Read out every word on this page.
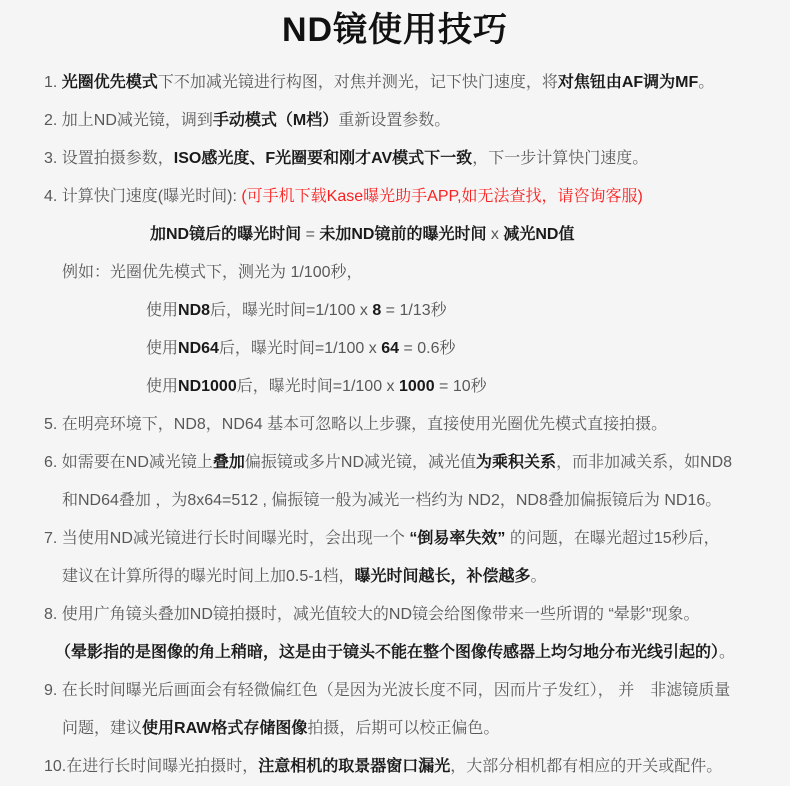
ND镜使用技巧
1. 光圈优先模式下不加减光镜进行构图，对焦并测光，记下快门速度，将对焦钮由AF调为MF。
2. 加上ND减光镜，调到手动模式（M档）重新设置参数。
3. 设置拍摄参数，ISO感光度、F光圈要和刚才AV模式下一致，下一步计算快门速度。
4. 计算快门速度(曝光时间): (可手机下载Kase曝光助手APP,如无法查找，请咨询客服)
加ND镜后的曝光时间 = 未加ND镜前的曝光时间 x 减光ND值
例如：光圈优先模式下，测光为 1/100秒，
使用ND8后，曝光时间=1/100 x 8 = 1/13秒
使用ND64后，曝光时间=1/100 x 64 = 0.6秒
使用ND1000后，曝光时间=1/100 x 1000 = 10秒
5. 在明亮环境下，ND8，ND64 基本可忽略以上步骤，直接使用光圈优先模式直接拍摄。
6. 如需要在ND减光镜上叠加偏振镜或多片ND减光镜，减光值为乘积关系，而非加减关系，如ND8
和ND64叠加 ，为8x64=512 , 偏振镜一般为减光一档约为 ND2，ND8叠加偏振镜后为 ND16。
7. 当使用ND减光镜进行长时间曝光时，会出现一个 “倒易率失效” 的问题，在曝光超过15秒后，
建议在计算所得的曝光时间上加0.5-1档，曝光时间越长，补偿越多。
8. 使用广角镜头叠加ND镜拍摄时，减光值较大的ND镜会给图像带来一些所谓的 “晕影"现象。
（晕影指的是图像的角上稍暗，这是由于镜头不能在整个图像传感器上均匀地分布光线引起的）。
9. 在长时间曝光后画面会有轻微偏红色（是因为光波长度不同，因而片子发红）， 并　非滤镜质量
问题，建议使用RAW格式存储图像拍摄，后期可以校正偏色。
10.在进行长时间曝光拍摄时，注意相机的取景器窗口漏光，大部分相机都有相应的开关或配件。
